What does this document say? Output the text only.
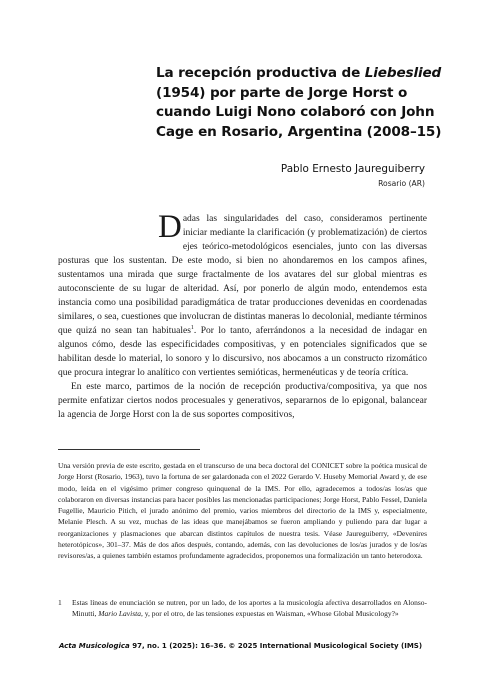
La recepción productiva de Liebeslied (1954) por parte de Jorge Horst o cuando Luigi Nono colaboró con John Cage en Rosario, Argentina (2008–15)

Pablo Ernesto Jaureguiberry

Rosario (AR)

Dadas las singularidades del caso, consideramos pertinente iniciar mediante la clarificación (y problematización) de ciertos ejes teórico-metodológicos esenciales, junto con las diversas posturas que los sustentan. De este modo, si bien no ahondaremos en los campos afines, sustentamos una mirada que surge fractalmente de los avatares del sur global mientras es autoconsciente de su lugar de alteridad. Así, por ponerlo de algún modo, entendemos esta instancia como una posibilidad paradigmática de tratar producciones devenidas en coordenadas similares, o sea, cuestiones que involucran de distintas maneras lo decolonial, mediante términos que quizá no sean tan habituales$^1$. Por lo tanto, aferrándonos a la necesidad de indagar en algunos cómo, desde las especificidades compositivas, y en potenciales significados que se habilitan desde lo material, lo sonoro y lo discursivo, nos abocamos a un constructo rizomático que procura integrar lo analítico con vertientes semióticas, hermenéuticas y de teoría crítica.

En este marco, partimos de la noción de recepción productiva/compositiva, ya que nos permite enfatizar ciertos nodos procesuales y generativos, separarnos de lo epigonal, balancear la agencia de Jorge Horst con la de sus soportes compositivos,

Una versión previa de este escrito, gestada en el transcurso de una beca doctoral del CONICET sobre la poética musical de Jorge Horst (Rosario, 1963), tuvo la fortuna de ser galardonada con el 2022 Gerardo V. Huseby Memorial Award y, de ese modo, leída en el vigésimo primer congreso quinquenal de la IMS. Por ello, agradecemos a todos/as los/as que colaboraron en diversas instancias para hacer posibles las mencionadas participaciones; Jorge Horst, Pablo Fessel, Daniela Fugellie, Mauricio Pitich, el jurado anónimo del premio, varios miembros del directorio de la IMS y, especialmente, Melanie Plesch. A su vez, muchas de las ideas que manejábamos se fueron ampliando y puliendo para dar lugar a reorganizaciones y plasmaciones que abarcan distintos capítulos de nuestra tesis. Véase Jaureguiberry, «Devenires heterotópicos», 301–37. Más de dos años después, contando, además, con las devoluciones de los/as jurados y de los/as revisores/as, a quienes también estamos profundamente agradecidos, proponemos una formalización un tanto heterodoxa.

1	Estas líneas de enunciación se nutren, por un lado, de los aportes a la musicología afectiva desarrollados en Alonso-Minutti, Mario Lavista, y, por el otro, de las tensiones expuestas en Waisman, «Whose Global Musicology?»
Acta Musicologica 97, no. 1 (2025): 16–36. © 2025 International Musicological Society (IMS)
